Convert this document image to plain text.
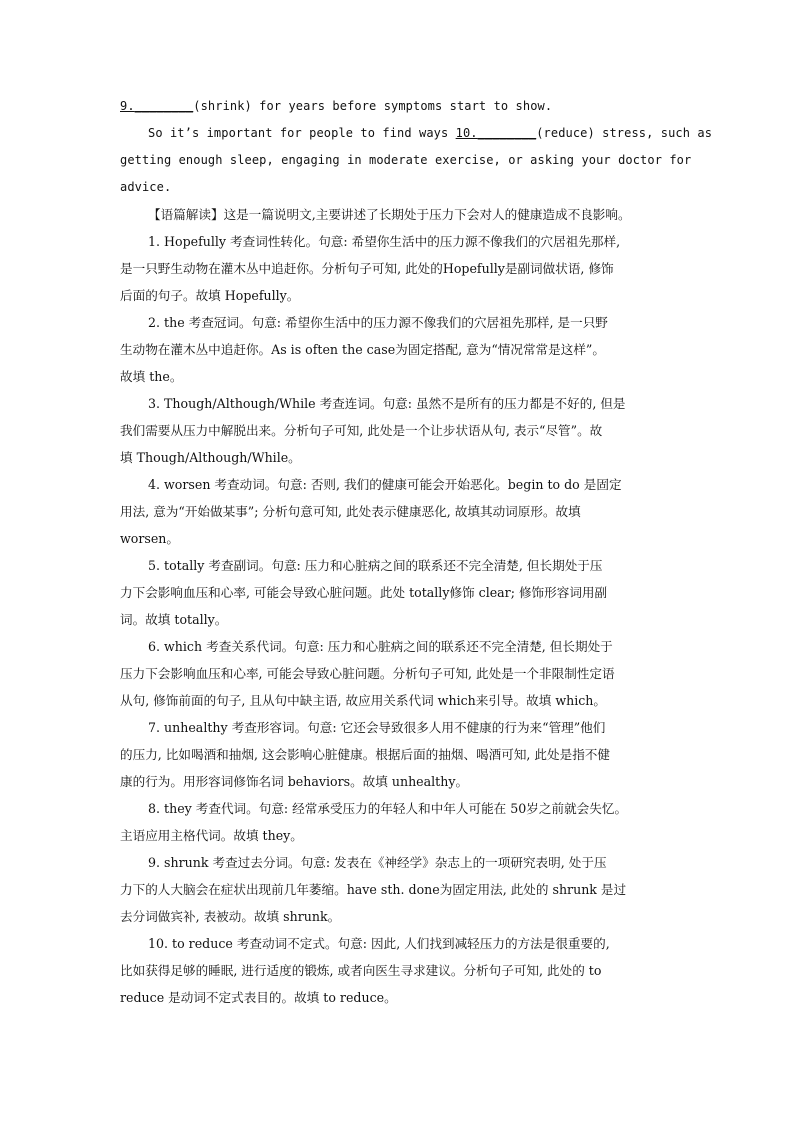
9.________(shrink) for years before symptoms start to show.
So it’s important for people to find ways 10.________(reduce) stress, such as
getting enough sleep, engaging in moderate exercise, or asking your doctor for
advice.
【语篇解读】这是一篇说明文,主要讲述了长期处于压力下会对人的健康造成不良影响。
1. Hopefully 考查词性转化。句意: 希望你生活中的压力源不像我们的穴居祖先那样,
是一只野生动物在灌木丛中追赶你。分析句子可知, 此处的Hopefully是副词做状语, 修饰
后面的句子。故填 Hopefully。
2. the 考查冠词。句意: 希望你生活中的压力源不像我们的穴居祖先那样, 是一只野
生动物在灌木丛中追赶你。As is often the case为固定搭配, 意为“情况常常是这样”。
故填 the。
3. Though/Although/While 考查连词。句意: 虽然不是所有的压力都是不好的, 但是
我们需要从压力中解脱出来。分析句子可知, 此处是一个让步状语从句, 表示“尽管”。故
填 Though/Although/While。
4. worsen 考查动词。句意: 否则, 我们的健康可能会开始恶化。begin to do 是固定
用法, 意为“开始做某事”; 分析句意可知, 此处表示健康恶化, 故填其动词原形。故填
worsen。
5. totally 考查副词。句意: 压力和心脏病之间的联系还不完全清楚, 但长期处于压
力下会影响血压和心率, 可能会导致心脏问题。此处 totally修饰 clear; 修饰形容词用副
词。故填 totally。
6. which 考查关系代词。句意: 压力和心脏病之间的联系还不完全清楚, 但长期处于
压力下会影响血压和心率, 可能会导致心脏问题。分析句子可知, 此处是一个非限制性定语
从句, 修饰前面的句子, 且从句中缺主语, 故应用关系代词 which来引导。故填 which。
7. unhealthy 考查形容词。句意: 它还会导致很多人用不健康的行为来“管理”他们
的压力, 比如喝酒和抽烟, 这会影响心脏健康。根据后面的抽烟、喝酒可知, 此处是指不健
康的行为。用形容词修饰名词 behaviors。故填 unhealthy。
8. they 考查代词。句意: 经常承受压力的年轻人和中年人可能在 50岁之前就会失忆。
主语应用主格代词。故填 they。
9. shrunk 考查过去分词。句意: 发表在《神经学》杂志上的一项研究表明, 处于压
力下的人大脑会在症状出现前几年萎缩。have sth. done为固定用法, 此处的 shrunk 是过
去分词做宾补, 表被动。故填 shrunk。
10. to reduce 考查动词不定式。句意: 因此, 人们找到减轻压力的方法是很重要的,
比如获得足够的睡眠, 进行适度的锻炼, 或者向医生寻求建议。分析句子可知, 此处的 to
reduce 是动词不定式表目的。故填 to reduce。
